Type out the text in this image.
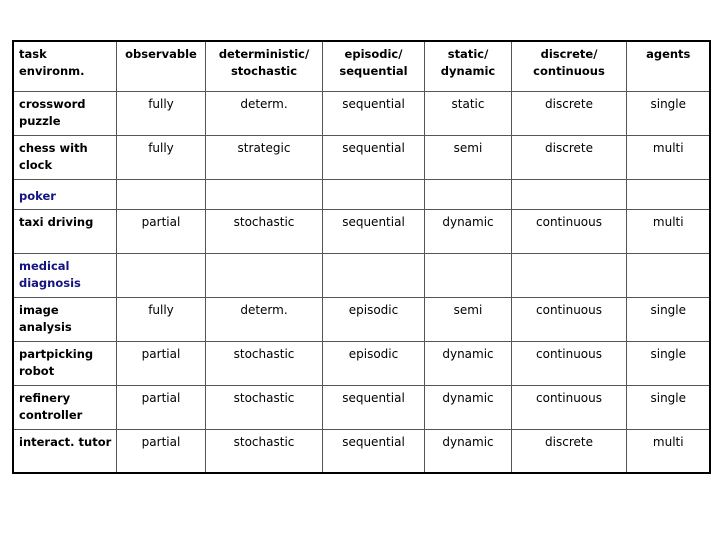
task environm.	observable	deterministic/ stochastic	episodic/ sequential	static/ dynamic	discrete/ continuous	agents
crossword puzzle	fully	determ.	sequential	static	discrete	single
chess with clock	fully	strategic	sequential	semi	discrete	multi
poker						
taxi driving	partial	stochastic	sequential	dynamic	continuous	multi
medical diagnosis						
image analysis	fully	determ.	episodic	semi	continuous	single
partpicking robot	partial	stochastic	episodic	dynamic	continuous	single
refinery controller	partial	stochastic	sequential	dynamic	continuous	single
interact. tutor	partial	stochastic	sequential	dynamic	discrete	multi
